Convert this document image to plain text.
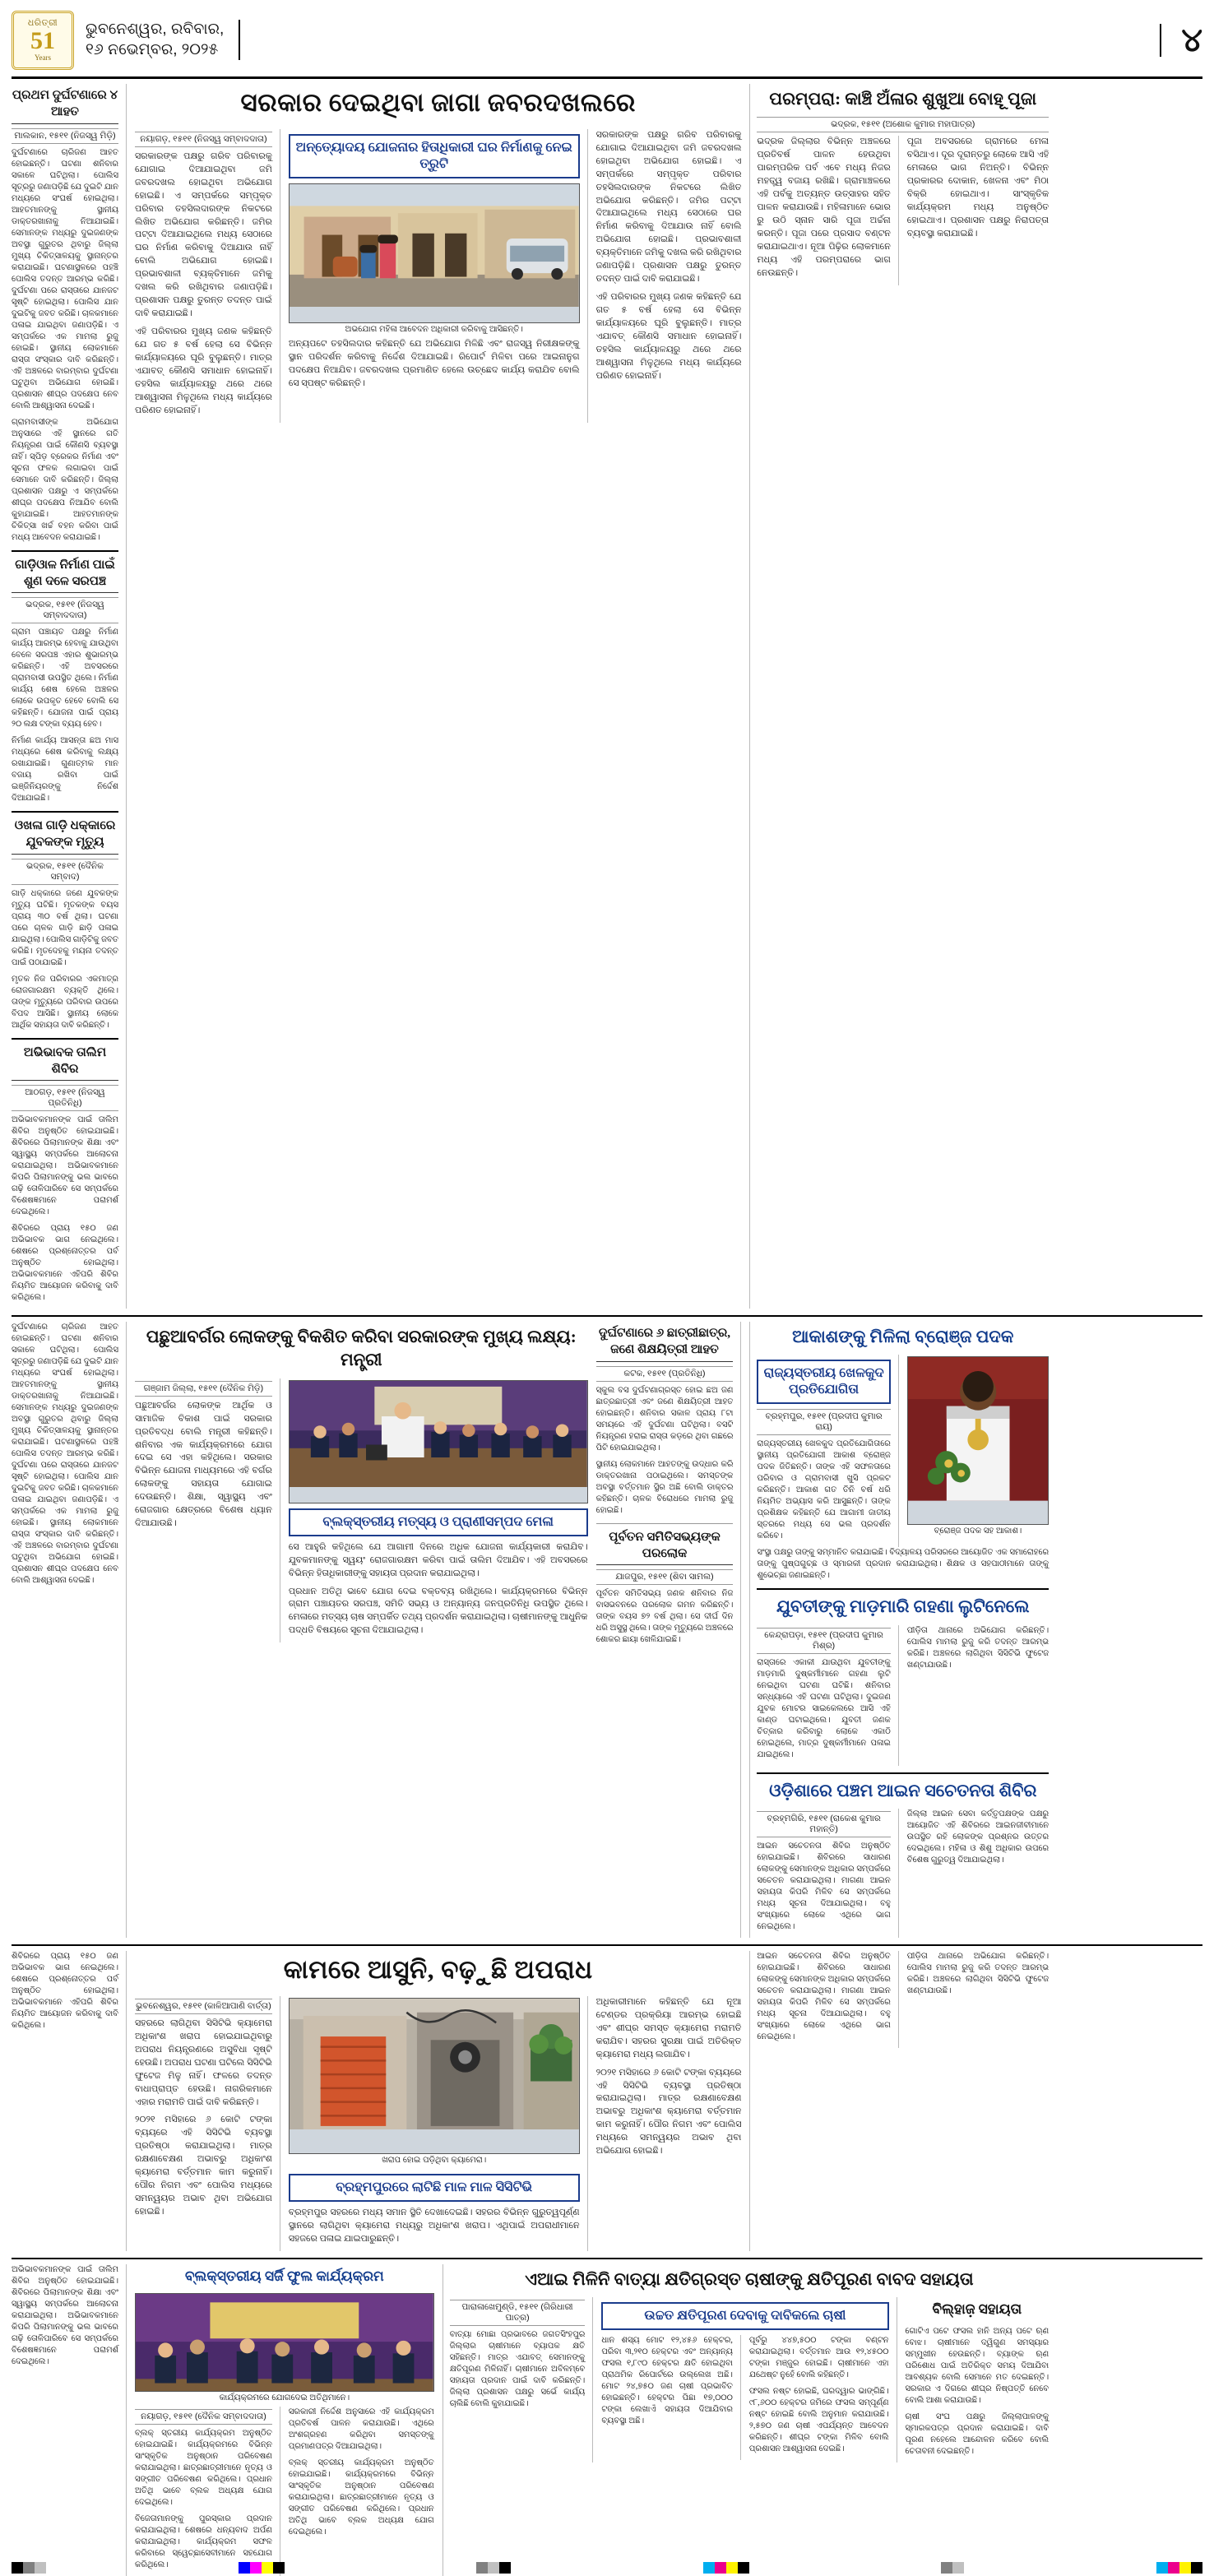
ଧରିତ୍ରୀ
51
Years
ଭୁବନେଶ୍ୱର, ରବିବାର,
୧୬ ନଭେମ୍ବର, ୨୦୨୫	୪
ପ୍ରଥମ ଦୁର୍ଘଟଣାରେ ୪ ଆହତ
ମାଲକାନ, ୧୫୧୧ (ନିଜସ୍ୱ ମିଡ଼ି)

ଦୁର୍ଘଟଣାରେ ଚାରିଜଣ ଆହତ ହୋଇଛନ୍ତି। ଘଟଣା ଶନିବାର ସକାଳେ ଘଟିଥିଲା। ପୋଲିସ ସୂତ୍ରରୁ ଜଣାପଡ଼ିଛି ଯେ ଦୁଇଟି ଯାନ ମଧ୍ୟରେ ସଂଘର୍ଷ ହୋଇଥିଲା। ଆହତମାନଙ୍କୁ ସ୍ଥାନୀୟ ଡାକ୍ତରଖାନାକୁ ନିଆଯାଇଛି। ସେମାନଙ୍କ ମଧ୍ୟରୁ ଦୁଇଜଣଙ୍କ ଅବସ୍ଥା ଗୁରୁତର ଥିବାରୁ ଜିଲ୍ଲା ମୁଖ୍ୟ ଚିକିତ୍ସାଳୟକୁ ସ୍ଥାନାନ୍ତର କରାଯାଇଛି। ଘଟଣାସ୍ଥଳରେ ପହଞ୍ଚି ପୋଲିସ ତଦନ୍ତ ଆରମ୍ଭ କରିଛି। ଦୁର୍ଘଟଣା ପରେ ରାସ୍ତାରେ ଯାନଜଟ ସୃଷ୍ଟି ହୋଇଥିଲା। ପୋଲିସ ଯାନ ଦୁଇଟିକୁ ଜବତ କରିଛି। ଚାଳକମାନେ ପଳାଇ ଯାଇଥିବା ଜଣାପଡ଼ିଛି। ଏ ସମ୍ପର୍କରେ ଏକ ମାମଲା ରୁଜୁ ହୋଇଛି। ସ୍ଥାନୀୟ ଲୋକମାନେ ରାସ୍ତା ସଂସ୍କାର ଦାବି କରିଛନ୍ତି। ଏହି ଅଞ୍ଚଳରେ ବାରମ୍ବାର ଦୁର୍ଘଟଣା ଘଟୁଥିବା ଅଭିଯୋଗ ହୋଇଛି। ପ୍ରଶାସନ ଶୀଘ୍ର ପଦକ୍ଷେପ ନେବ ବୋଲି ଆଶ୍ୱାସନା ଦେଇଛି।

ଗ୍ରାମବାସୀଙ୍କ ଅଭିଯୋଗ ଅନୁସାରେ ଏହି ସ୍ଥାନରେ ଗତି ନିୟନ୍ତ୍ରଣ ପାଇଁ କୌଣସି ବ୍ୟବସ୍ଥା ନାହିଁ। ସ୍ପିଡ଼ ବ୍ରେକର ନିର୍ମାଣ ଏବଂ ସୂଚନା ଫଳକ ଲଗାଇବା ପାଇଁ ସେମାନେ ଦାବି କରିଛନ୍ତି। ଜିଲ୍ଲା ପ୍ରଶାସନ ପକ୍ଷରୁ ଏ ସମ୍ପର୍କରେ ଶୀଘ୍ର ପଦକ୍ଷେପ ନିଆଯିବ ବୋଲି କୁହାଯାଇଛି। ଆହତମାନଙ୍କ ଚିକିତ୍ସା ଖର୍ଚ୍ଚ ବହନ କରିବା ପାଇଁ ମଧ୍ୟ ଆବେଦନ କରାଯାଇଛି।

ଗାଡ଼ିଓାଳ ନିର୍ମାଣ ପାଇଁ ଶୁଣ ଦଳେ ସରପଞ୍ଚ
ଭଦ୍ରକ, ୧୫୧୧ (ନିଜସ୍ୱ ସମ୍ବାଦଦାତା)

ଗ୍ରାମ ପଞ୍ଚାୟତ ପକ୍ଷରୁ ନିର୍ମାଣ କାର୍ଯ୍ୟ ଆରମ୍ଭ ହେବାକୁ ଯାଉଥିବା ବେଳେ ସରପଞ୍ଚ ଏହାର ଶୁଭାରମ୍ଭ କରିଛନ୍ତି। ଏହି ଅବସରରେ ଗ୍ରାମବାସୀ ଉପସ୍ଥିତ ଥିଲେ। ନିର୍ମାଣ କାର୍ଯ୍ୟ ଶେଷ ହେଲେ ଅଞ୍ଚଳର ଲୋକେ ଉପକୃତ ହେବେ ବୋଲି ସେ କହିଛନ୍ତି। ଯୋଜନା ପାଇଁ ପ୍ରାୟ ୨୦ ଲକ୍ଷ ଟଙ୍କା ବ୍ୟୟ ହେବ।

ନିର୍ମାଣ କାର୍ଯ୍ୟ ଆସନ୍ତା ଛଅ ମାସ ମଧ୍ୟରେ ଶେଷ କରିବାକୁ ଲକ୍ଷ୍ୟ ରଖାଯାଇଛି। ଗୁଣାତ୍ମକ ମାନ ବଜାୟ ରଖିବା ପାଇଁ ଇଞ୍ଜିନିୟରଙ୍କୁ ନିର୍ଦ୍ଦେଶ ଦିଆଯାଇଛି।

ଓଖଳା ଗାଡ଼ି ଧକ୍କାରେ ଯୁବକଙ୍କ ମୃତ୍ୟୁ
ଭଦ୍ରକ, ୧୫୧୧ (ଦୈନିକ ସମ୍ବାଦ)

ଗାଡ଼ି ଧକ୍କାରେ ଜଣେ ଯୁବକଙ୍କ ମୃତ୍ୟୁ ଘଟିଛି। ମୃତକଙ୍କ ବୟସ ପ୍ରାୟ ୩୦ ବର୍ଷ ଥିଲା। ଘଟଣା ପରେ ଚାଳକ ଗାଡ଼ି ଛାଡ଼ି ପଳାଇ ଯାଇଥିଲା। ପୋଲିସ ଗାଡ଼ିଟିକୁ ଜବତ କରିଛି। ମୃତଦେହକୁ ମୟନା ତଦନ୍ତ ପାଇଁ ପଠାଯାଇଛି।

ମୃତକ ନିଜ ପରିବାରର ଏକମାତ୍ର ରୋଜଗାରକ୍ଷମ ବ୍ୟକ୍ତି ଥିଲେ। ତାଙ୍କ ମୃତ୍ୟୁରେ ପରିବାର ଉପରେ ବିପଦ ଆସିଛି। ସ୍ଥାନୀୟ ଲୋକେ ଆର୍ଥିକ ସହାୟତା ଦାବି କରିଛନ୍ତି।

ଅଭିଭାବକ ତାଲିମ ଶିବିର
ଆଠଗଡ଼, ୧୫୧୧ (ନିଜସ୍ୱ ପ୍ରତିନିଧି)

ଅଭିଭାବକମାନଙ୍କ ପାଇଁ ତାଲିମ ଶିବିର ଅନୁଷ୍ଠିତ ହୋଇଯାଇଛି। ଶିବିରରେ ପିଲାମାନଙ୍କ ଶିକ୍ଷା ଏବଂ ସ୍ୱାସ୍ଥ୍ୟ ସମ୍ପର୍କରେ ଆଲୋଚନା କରାଯାଇଥିଲା। ଅଭିଭାବକମାନେ କିପରି ପିଲାମାନଙ୍କୁ ଭଲ ଭାବରେ ଗଢ଼ି ତୋଳିପାରିବେ ସେ ସମ୍ପର୍କରେ ବିଶେଷଜ୍ଞମାନେ ପରାମର୍ଶ ଦେଇଥିଲେ।

ଶିବିରରେ ପ୍ରାୟ ୧୫୦ ଜଣ ଅଭିଭାବକ ଭାଗ ନେଇଥିଲେ। ଶେଷରେ ପ୍ରଶ୍ନୋତ୍ତର ପର୍ବ ଅନୁଷ୍ଠିତ ହୋଇଥିଲା। ଅଭିଭାବକମାନେ ଏହିପରି ଶିବିର ନିୟମିତ ଆୟୋଜନ କରିବାକୁ ଦାବି କରିଥିଲେ।

ସରକାର ଦେଇଥିବା ଜାଗା ଜବରଦଖଲରେ
ନୟାଗଡ଼, ୧୫୧୧ (ନିଜସ୍ୱ ସମ୍ବାଦଦାତା)

ସରକାରଙ୍କ ପକ୍ଷରୁ ଗରିବ ପରିବାରକୁ ଯୋଗାଇ ଦିଆଯାଇଥିବା ଜମି ଜବରଦଖଲ ହୋଇଥିବା ଅଭିଯୋଗ ହୋଇଛି। ଏ ସମ୍ପର୍କରେ ସମ୍ପୃକ୍ତ ପରିବାର ତହସିଲଦାରଙ୍କ ନିକଟରେ ଲିଖିତ ଅଭିଯୋଗ କରିଛନ୍ତି। ଜମିର ପଟ୍ଟା ଦିଆଯାଇଥିଲେ ମଧ୍ୟ ସେଠାରେ ଘର ନିର୍ମାଣ କରିବାକୁ ଦିଆଯାଉ ନାହିଁ ବୋଲି ଅଭିଯୋଗ ହୋଇଛି। ପ୍ରଭାବଶାଳୀ ବ୍ୟକ୍ତିମାନେ ଜମିକୁ ଦଖଲ କରି ରଖିଥିବାର ଜଣାପଡ଼ିଛି। ପ୍ରଶାସନ ପକ୍ଷରୁ ତୁରନ୍ତ ତଦନ୍ତ ପାଇଁ ଦାବି କରାଯାଇଛି।

ଏହି ପରିବାରର ମୁଖ୍ୟ ଜଣକ କହିଛନ୍ତି ଯେ ଗତ ୫ ବର୍ଷ ହେଲା ସେ ବିଭିନ୍ନ କାର୍ଯ୍ୟାଳୟରେ ଘୂରି ବୁଲୁଛନ୍ତି। ମାତ୍ର ଏଯାବତ୍ କୌଣସି ସମାଧାନ ହୋଇନାହିଁ। ତହସିଲ କାର୍ଯ୍ୟାଳୟରୁ ଥରେ ଥରେ ଆଶ୍ୱାସନା ମିଳୁଥିଲେ ମଧ୍ୟ କାର୍ଯ୍ୟରେ ପରିଣତ ହୋଇନାହିଁ।

ଅନ୍ତ୍ୟୋଦୟ ଯୋଜନାର ହିତାଧିକାରୀ ଘର ନିର୍ମାଣକୁ ନେଇ ତ୍ରୁଟି
ଅଭଯୋଗ ମହିଳା ଆବେଦନ ଅଧିକାରୀ କରିବାକୁ ଆସିଛନ୍ତି।

ଅନ୍ୟପଟେ ତହସିଲଦାର କହିଛନ୍ତି ଯେ ଅଭିଯୋଗ ମିଳିଛି ଏବଂ ରାଜସ୍ୱ ନିରୀକ୍ଷକଙ୍କୁ ସ୍ଥାନ ପରିଦର୍ଶନ କରିବାକୁ ନିର୍ଦ୍ଦେଶ ଦିଆଯାଇଛି। ରିପୋର୍ଟ ମିଳିବା ପରେ ଆଇନାନୁଗ ପଦକ୍ଷେପ ନିଆଯିବ। ଜବରଦଖଲ ପ୍ରମାଣିତ ହେଲେ ଉଚ୍ଛେଦ କାର୍ଯ୍ୟ କରାଯିବ ବୋଲି ସେ ସ୍ପଷ୍ଟ କରିଛନ୍ତି।

ସରକାରଙ୍କ ପକ୍ଷରୁ ଗରିବ ପରିବାରକୁ ଯୋଗାଇ ଦିଆଯାଇଥିବା ଜମି ଜବରଦଖଲ ହୋଇଥିବା ଅଭିଯୋଗ ହୋଇଛି। ଏ ସମ୍ପର୍କରେ ସମ୍ପୃକ୍ତ ପରିବାର ତହସିଲଦାରଙ୍କ ନିକଟରେ ଲିଖିତ ଅଭିଯୋଗ କରିଛନ୍ତି। ଜମିର ପଟ୍ଟା ଦିଆଯାଇଥିଲେ ମଧ୍ୟ ସେଠାରେ ଘର ନିର୍ମାଣ କରିବାକୁ ଦିଆଯାଉ ନାହିଁ ବୋଲି ଅଭିଯୋଗ ହୋଇଛି। ପ୍ରଭାବଶାଳୀ ବ୍ୟକ୍ତିମାନେ ଜମିକୁ ଦଖଲ କରି ରଖିଥିବାର ଜଣାପଡ଼ିଛି। ପ୍ରଶାସନ ପକ୍ଷରୁ ତୁରନ୍ତ ତଦନ୍ତ ପାଇଁ ଦାବି କରାଯାଇଛି।

ଏହି ପରିବାରର ମୁଖ୍ୟ ଜଣକ କହିଛନ୍ତି ଯେ ଗତ ୫ ବର୍ଷ ହେଲା ସେ ବିଭିନ୍ନ କାର୍ଯ୍ୟାଳୟରେ ଘୂରି ବୁଲୁଛନ୍ତି। ମାତ୍ର ଏଯାବତ୍ କୌଣସି ସମାଧାନ ହୋଇନାହିଁ। ତହସିଲ କାର୍ଯ୍ୟାଳୟରୁ ଥରେ ଥରେ ଆଶ୍ୱାସନା ମିଳୁଥିଲେ ମଧ୍ୟ କାର୍ଯ୍ୟରେ ପରିଣତ ହୋଇନାହିଁ।

ପରମ୍ପରା: କାଞ୍ଚି ଅଁଳାର ଶୁଖୁଆ ବୋହୂ ପୂଜା
ଭଦ୍ରକ, ୧୫୧୧ (ଅଶୋକ କୁମାର ମହାପାତ୍ର)

ଭଦ୍ରକ ଜିଲ୍ଲାର ବିଭିନ୍ନ ଅଞ୍ଚଳରେ ପ୍ରତିବର୍ଷ ପାଳନ ହେଉଥିବା ପାରମ୍ପରିକ ପର୍ବ ଏବେ ମଧ୍ୟ ନିଜର ମହତ୍ତ୍ୱ ବଜାୟ ରଖିଛି। ଗ୍ରାମାଞ୍ଚଳରେ ଏହି ପର୍ବକୁ ଅତ୍ୟନ୍ତ ଉତ୍ସାହର ସହିତ ପାଳନ କରାଯାଉଛି। ମହିଳାମାନେ ଭୋର ରୁ ଉଠି ସ୍ନାନ ସାରି ପୂଜା ଅର୍ଚ୍ଚନା କରନ୍ତି। ପୂଜା ପରେ ପ୍ରସାଦ ବଣ୍ଟନ କରାଯାଇଥାଏ। ନୂଆ ପିଢ଼ିର ଲୋକମାନେ ମଧ୍ୟ ଏହି ପରମ୍ପରାରେ ଭାଗ ନେଉଛନ୍ତି।

ପୂଜା ଅବସରରେ ଗ୍ରାମରେ ମେଳା ବସିଥାଏ। ଦୂର ଦୂରାନ୍ତରୁ ଲୋକେ ଆସି ଏହି ମେଳାରେ ଭାଗ ନିଅନ୍ତି। ବିଭିନ୍ନ ପ୍ରକାରର ଦୋକାନ, ଖେଳନା ଏବଂ ମିଠା ବିକ୍ରି ହୋଇଥାଏ। ସାଂସ୍କୃତିକ କାର୍ଯ୍ୟକ୍ରମ ମଧ୍ୟ ଅନୁଷ୍ଠିତ ହୋଇଥାଏ। ପ୍ରଶାସନ ପକ୍ଷରୁ ନିରାପତ୍ତା ବ୍ୟବସ୍ଥା କରାଯାଇଛି।

ଦୁର୍ଘଟଣାରେ ଚାରିଜଣ ଆହତ ହୋଇଛନ୍ତି। ଘଟଣା ଶନିବାର ସକାଳେ ଘଟିଥିଲା। ପୋଲିସ ସୂତ୍ରରୁ ଜଣାପଡ଼ିଛି ଯେ ଦୁଇଟି ଯାନ ମଧ୍ୟରେ ସଂଘର୍ଷ ହୋଇଥିଲା। ଆହତମାନଙ୍କୁ ସ୍ଥାନୀୟ ଡାକ୍ତରଖାନାକୁ ନିଆଯାଇଛି। ସେମାନଙ୍କ ମଧ୍ୟରୁ ଦୁଇଜଣଙ୍କ ଅବସ୍ଥା ଗୁରୁତର ଥିବାରୁ ଜିଲ୍ଲା ମୁଖ୍ୟ ଚିକିତ୍ସାଳୟକୁ ସ୍ଥାନାନ୍ତର କରାଯାଇଛି। ଘଟଣାସ୍ଥଳରେ ପହଞ୍ଚି ପୋଲିସ ତଦନ୍ତ ଆରମ୍ଭ କରିଛି। ଦୁର୍ଘଟଣା ପରେ ରାସ୍ତାରେ ଯାନଜଟ ସୃଷ୍ଟି ହୋଇଥିଲା। ପୋଲିସ ଯାନ ଦୁଇଟିକୁ ଜବତ କରିଛି। ଚାଳକମାନେ ପଳାଇ ଯାଇଥିବା ଜଣାପଡ଼ିଛି। ଏ ସମ୍ପର୍କରେ ଏକ ମାମଲା ରୁଜୁ ହୋଇଛି। ସ୍ଥାନୀୟ ଲୋକମାନେ ରାସ୍ତା ସଂସ୍କାର ଦାବି କରିଛନ୍ତି। ଏହି ଅଞ୍ଚଳରେ ବାରମ୍ବାର ଦୁର୍ଘଟଣା ଘଟୁଥିବା ଅଭିଯୋଗ ହୋଇଛି। ପ୍ରଶାସନ ଶୀଘ୍ର ପଦକ୍ଷେପ ନେବ ବୋଲି ଆଶ୍ୱାସନା ଦେଇଛି।

ପଛୁଆବର୍ଗର ଲୋକଙ୍କୁ ବିକଶିତ କରିବା ସରକାରଙ୍କ ମୁଖ୍ୟ ଲକ୍ଷ୍ୟ: ମନ୍ତ୍ରୀ
ଗଞ୍ଜାମ ଜିଲ୍ଲା, ୧୫୧୧ (ଦୈନିକ ମିଡ଼ି)

ପଛୁଆବର୍ଗର ଲୋକଙ୍କ ଆର୍ଥିକ ଓ ସାମାଜିକ ବିକାଶ ପାଇଁ ସରକାର ପ୍ରତିବଦ୍ଧ ବୋଲି ମନ୍ତ୍ରୀ କହିଛନ୍ତି। ଶନିବାର ଏକ କାର୍ଯ୍ୟକ୍ରମରେ ଯୋଗ ଦେଇ ସେ ଏହା କହିଥିଲେ। ସରକାର ବିଭିନ୍ନ ଯୋଜନା ମାଧ୍ୟମରେ ଏହି ବର୍ଗର ଲୋକଙ୍କୁ ସହାୟତା ଯୋଗାଇ ଦେଉଛନ୍ତି। ଶିକ୍ଷା, ସ୍ୱାସ୍ଥ୍ୟ ଏବଂ ରୋଜଗାର କ୍ଷେତ୍ରରେ ବିଶେଷ ଧ୍ୟାନ ଦିଆଯାଉଛି।	ବ୍ଲକ୍‌ସ୍ତରୀୟ ମତ୍ସ୍ୟ ଓ ପ୍ରାଣୀସମ୍ପଦ ମେଳା

ସେ ଆହୁରି କହିଥିଲେ ଯେ ଆଗାମୀ ଦିନରେ ଅଧିକ ଯୋଜନା କାର୍ଯ୍ୟକାରୀ କରାଯିବ। ଯୁବକମାନଙ୍କୁ ସ୍ୱୟଂ ରୋଜଗାରକ୍ଷମ କରିବା ପାଇଁ ତାଲିମ ଦିଆଯିବ। ଏହି ଅବସରରେ ବିଭିନ୍ନ ହିତାଧିକାରୀଙ୍କୁ ସହାୟତା ପ୍ରଦାନ କରାଯାଇଥିଲା।

ପ୍ରଧାନ ଅତିଥି ଭାବେ ଯୋଗ ଦେଇ ବକ୍ତବ୍ୟ ରଖିଥିଲେ। କାର୍ଯ୍ୟକ୍ରମରେ ବିଭିନ୍ନ ଗ୍ରାମ ପଞ୍ଚାୟତର ସରପଞ୍ଚ, ସମିତି ସଭ୍ୟ ଓ ଅନ୍ୟାନ୍ୟ ଜନପ୍ରତିନିଧି ଉପସ୍ଥିତ ଥିଲେ। ମେଳାରେ ମତ୍ସ୍ୟ ଚାଷ ସମ୍ପର୍କିତ ତଥ୍ୟ ପ୍ରଦର୍ଶନ କରାଯାଇଥିଲା। ଚାଷୀମାନଙ୍କୁ ଆଧୁନିକ ପଦ୍ଧତି ବିଷୟରେ ସୂଚନା ଦିଆଯାଇଥିଲା।

ଦୁର୍ଘଟଣାରେ ୬ ଛାତ୍ରୀଛାତ୍ର, ଜଣେ ଶିକ୍ଷୟିତ୍ରୀ ଆହତ
କଟକ, ୧୫୧୧ (ପ୍ରତିନିଧି)

ସ୍କୁଲ ବସ ଦୁର୍ଘଟଣାଗ୍ରସ୍ତ ହୋଇ ଛଅ ଜଣ ଛାତ୍ରଛାତ୍ରୀ ଏବଂ ଜଣେ ଶିକ୍ଷୟିତ୍ରୀ ଆହତ ହୋଇଛନ୍ତି। ଶନିବାର ସକାଳ ପ୍ରାୟ ୮ଟା ସମୟରେ ଏହି ଦୁର୍ଘଟଣା ଘଟିଥିଲା। ବସଟି ନିୟନ୍ତ୍ରଣ ହରାଇ ରାସ୍ତା କଡ଼ରେ ଥିବା ଗଛରେ ପିଟି ହୋଇଯାଇଥିଲା।

ସ୍ଥାନୀୟ ଲୋକମାନେ ଆହତଙ୍କୁ ଉଦ୍ଧାର କରି ଡାକ୍ତରଖାନା ପଠାଇଥିଲେ। ସମସ୍ତଙ୍କ ଅବସ୍ଥା ବର୍ତ୍ତମାନ ସ୍ଥିର ଅଛି ବୋଲି ଡାକ୍ତର କହିଛନ୍ତି। ଚାଳକ ବିରୋଧରେ ମାମଲା ରୁଜୁ ହୋଇଛି।

ପୂର୍ବତନ ସମିତିସଭ୍ୟଙ୍କ ପରଲୋକ
ଯାଜପୁର, ୧୫୧୧ (ଶିବା ସାମଲ)

ପୂର୍ବତନ ସମିତିସଭ୍ୟ ଜଣକ ଶନିବାର ନିଜ ବାସଭବନରେ ପରଲୋକ ଗମନ କରିଛନ୍ତି। ତାଙ୍କ ବୟସ ୭୨ ବର୍ଷ ଥିଲା। ସେ ଦୀର୍ଘ ଦିନ ଧରି ଅସୁସ୍ଥ ଥିଲେ। ତାଙ୍କ ମୃତ୍ୟୁରେ ଅଞ୍ଚଳରେ ଶୋକର ଛାୟା ଖେଳିଯାଇଛି।

ଆକାଶଙ୍କୁ ମିଳିଲା ବ୍ରୋଞ୍ଜ ପଦକ
ରାଜ୍ୟସ୍ତରୀୟ ଖେଳକୁଦ ପ୍ରତିଯୋଗିତା
ବ୍ରହ୍ମପୁର, ୧୫୧୧ (ପ୍ରଦୀପ କୁମାର ରାୟ)

ରାଜ୍ୟସ୍ତରୀୟ ଖେଳକୁଦ ପ୍ରତିଯୋଗିତାରେ ସ୍ଥାନୀୟ ପ୍ରତିଯୋଗୀ ଆକାଶ ବ୍ରୋଞ୍ଜ ପଦକ ଜିତିଛନ୍ତି। ତାଙ୍କ ଏହି ସଫଳତାରେ ପରିବାର ଓ ଗ୍ରାମବାସୀ ଖୁସି ପ୍ରକଟ କରିଛନ୍ତି। ଆକାଶ ଗତ ତିନି ବର୍ଷ ଧରି ନିୟମିତ ଅଭ୍ୟାସ କରି ଆସୁଛନ୍ତି। ତାଙ୍କ ପ୍ରଶିକ୍ଷକ କହିଛନ୍ତି ଯେ ଆଗାମୀ ଜାତୀୟ ସ୍ତରରେ ମଧ୍ୟ ସେ ଭଲ ପ୍ରଦର୍ଶନ କରିବେ।

ବ୍ରୋଞ୍ଜ ପଦକ ସହ ଆକାଶ।

ସଂସ୍ଥା ପକ୍ଷରୁ ତାଙ୍କୁ ସମ୍ମାନିତ କରାଯାଇଛି। ବିଦ୍ୟାଳୟ ପରିସରରେ ଆୟୋଜିତ ଏକ ସମାରୋହରେ ତାଙ୍କୁ ପୁଷ୍ପଗୁଚ୍ଛ ଓ ସ୍ମାରକୀ ପ୍ରଦାନ କରାଯାଇଥିଲା। ଶିକ୍ଷକ ଓ ସହପାଠୀମାନେ ତାଙ୍କୁ ଶୁଭେଚ୍ଛା ଜଣାଇଛନ୍ତି।

ଯୁବତୀଙ୍କୁ ମାଡ଼ମାରି ଗହଣା ଲୁଟିନେଲେ
କେନ୍ଦ୍ରାପଡ଼ା, ୧୫୧୧ (ପ୍ରଦୀପ କୁମାର ମିଶ୍ର)

ରାସ୍ତାରେ ଏକାକୀ ଯାଉଥିବା ଯୁବତୀଙ୍କୁ ମାଡ଼ମାରି ଦୁଷ୍କର୍ମୀମାନେ ଗହଣା ଲୁଟି ନେଇଥିବା ଘଟଣା ଘଟିଛି। ଶନିବାର ସନ୍ଧ୍ୟାରେ ଏହି ଘଟଣା ଘଟିଥିଲା। ଦୁଇଜଣ ଯୁବକ ମୋଟର ସାଇକେଲରେ ଆସି ଏହି କାଣ୍ଡ ଘଟାଇଥିଲେ। ଯୁବତୀ ଜଣକ ଚିତ୍କାର କରିବାରୁ ଲୋକେ ଏକାଠି ହୋଇଥିଲେ, ମାତ୍ର ଦୁଷ୍କର୍ମୀମାନେ ପଳାଇ ଯାଇଥିଲେ।

ପୀଡ଼ିତା ଥାନାରେ ଅଭିଯୋଗ କରିଛନ୍ତି। ପୋଲିସ ମାମଲା ରୁଜୁ କରି ତଦନ୍ତ ଆରମ୍ଭ କରିଛି। ଅଞ୍ଚଳରେ ଲାଗିଥିବା ସିସିଟିଭି ଫୁଟେଜ ଖଣ୍ଟାଯାଉଛି।

ଓଡ଼ିଶାରେ ପଞ୍ଚମ ଆଇନ ସଚେତନତା ଶିବିର
ବ୍ରହ୍ମଗିରି, ୧୫୧୧ (ରାକେଶ କୁମାର ମହାନ୍ତି)

ଆଇନ ସଚେତନତା ଶିବିର ଅନୁଷ୍ଠିତ ହୋଇଯାଇଛି। ଶିବିରରେ ସାଧାରଣ ଲୋକଙ୍କୁ ସେମାନଙ୍କ ଅଧିକାର ସମ୍ପର୍କରେ ସଚେତନ କରାଯାଇଥିଲା। ମାଗଣା ଆଇନ ସହାୟତା କିପରି ମିଳିବ ସେ ସମ୍ପର୍କରେ ମଧ୍ୟ ସୂଚନା ଦିଆଯାଇଥିଲା। ବହୁ ସଂଖ୍ୟାରେ ଲୋକେ ଏଥିରେ ଭାଗ ନେଇଥିଲେ।

ଜିଲ୍ଲା ଆଇନ ସେବା କର୍ତ୍ତୃପକ୍ଷଙ୍କ ପକ୍ଷରୁ ଆୟୋଜିତ ଏହି ଶିବିରରେ ଆଇନଜୀବୀମାନେ ଉପସ୍ଥିତ ରହି ଲୋକଙ୍କ ପ୍ରଶ୍ନର ଉତ୍ତର ଦେଇଥିଲେ। ମହିଳା ଓ ଶିଶୁ ଅଧିକାର ଉପରେ ବିଶେଷ ଗୁରୁତ୍ୱ ଦିଆଯାଇଥିଲା।

ଶିବିରରେ ପ୍ରାୟ ୧୫୦ ଜଣ ଅଭିଭାବକ ଭାଗ ନେଇଥିଲେ। ଶେଷରେ ପ୍ରଶ୍ନୋତ୍ତର ପର୍ବ ଅନୁଷ୍ଠିତ ହୋଇଥିଲା। ଅଭିଭାବକମାନେ ଏହିପରି ଶିବିର ନିୟମିତ ଆୟୋଜନ କରିବାକୁ ଦାବି କରିଥିଲେ।

କାମରେ ଆସୁନି, ବଢ଼ୁଛି ଅପରାଧ
ଭୁବନେଶ୍ୱର, ୧୫୧୧ (କାଳିଆପାଣି ବାର୍ତ୍ତା)

ସହରରେ ଲାଗିଥିବା ସିସିଟିଭି କ୍ୟାମେରା ଅଧିକାଂଶ ଖରାପ ହୋଇଯାଇଥିବାରୁ ଅପରାଧ ନିୟନ୍ତ୍ରଣରେ ଅସୁବିଧା ସୃଷ୍ଟି ହେଉଛି। ଅପରାଧ ଘଟଣା ଘଟିଲେ ସିସିଟିଭି ଫୁଟେଜ ମିଳୁ ନାହିଁ। ଫଳରେ ତଦନ୍ତ ବାଧାପ୍ରାପ୍ତ ହେଉଛି। ନାଗରିକମାନେ ଏହାର ମରାମତି ପାଇଁ ଦାବି କରିଛନ୍ତି।

୨୦୨୧ ମସିହାରେ ୬ କୋଟି ଟଙ୍କା ବ୍ୟୟରେ ଏହି ସିସିଟିଭି ବ୍ୟବସ୍ଥା ପ୍ରତିଷ୍ଠା କରାଯାଇଥିଲା। ମାତ୍ର ରକ୍ଷଣାବେକ୍ଷଣ ଅଭାବରୁ ଅଧିକାଂଶ କ୍ୟାମେରା ବର୍ତ୍ତମାନ କାମ କରୁନାହିଁ। ପୌର ନିଗମ ଏବଂ ପୋଲିସ ମଧ୍ୟରେ ସମନ୍ୱୟର ଅଭାବ ଥିବା ଅଭିଯୋଗ ହୋଇଛି।

ଖରାପ ହୋଇ ପଡ଼ିଥିବା କ୍ୟାମେରା।
ବ୍ରହ୍ମପୁରରେ ଲାଟିଛି ମାଳ ମାଳ ସିସିଟିଭି

ବ୍ରହ୍ମପୁର ସହରରେ ମଧ୍ୟ ସମାନ ସ୍ଥିତି ଦେଖାଦେଇଛି। ସହରର ବିଭିନ୍ନ ଗୁରୁତ୍ୱପୂର୍ଣ୍ଣ ସ୍ଥାନରେ ଲାଗିଥିବା କ୍ୟାମେରା ମଧ୍ୟରୁ ଅଧିକାଂଶ ଖରାପ। ଏଥିପାଇଁ ଅପରାଧୀମାନେ ସହଜରେ ପଳାଇ ଯାଇପାରୁଛନ୍ତି।

ଅଧିକାରୀମାନେ କହିଛନ୍ତି ଯେ ନୂଆ ଟେଣ୍ଡର ପ୍ରକ୍ରିୟା ଆରମ୍ଭ ହୋଇଛି ଏବଂ ଶୀଘ୍ର ସମସ୍ତ କ୍ୟାମେରା ମରାମତି କରାଯିବ। ସହରର ସୁରକ୍ଷା ପାଇଁ ଅତିରିକ୍ତ କ୍ୟାମେରା ମଧ୍ୟ ଲଗାଯିବ।

୨୦୨୧ ମସିହାରେ ୬ କୋଟି ଟଙ୍କା ବ୍ୟୟରେ ଏହି ସିସିଟିଭି ବ୍ୟବସ୍ଥା ପ୍ରତିଷ୍ଠା କରାଯାଇଥିଲା। ମାତ୍ର ରକ୍ଷଣାବେକ୍ଷଣ ଅଭାବରୁ ଅଧିକାଂଶ କ୍ୟାମେରା ବର୍ତ୍ତମାନ କାମ କରୁନାହିଁ। ପୌର ନିଗମ ଏବଂ ପୋଲିସ ମଧ୍ୟରେ ସମନ୍ୱୟର ଅଭାବ ଥିବା ଅଭିଯୋଗ ହୋଇଛି।

ଆଇନ ସଚେତନତା ଶିବିର ଅନୁଷ୍ଠିତ ହୋଇଯାଇଛି। ଶିବିରରେ ସାଧାରଣ ଲୋକଙ୍କୁ ସେମାନଙ୍କ ଅଧିକାର ସମ୍ପର୍କରେ ସଚେତନ କରାଯାଇଥିଲା। ମାଗଣା ଆଇନ ସହାୟତା କିପରି ମିଳିବ ସେ ସମ୍ପର୍କରେ ମଧ୍ୟ ସୂଚନା ଦିଆଯାଇଥିଲା। ବହୁ ସଂଖ୍ୟାରେ ଲୋକେ ଏଥିରେ ଭାଗ ନେଇଥିଲେ।

ପୀଡ଼ିତା ଥାନାରେ ଅଭିଯୋଗ କରିଛନ୍ତି। ପୋଲିସ ମାମଲା ରୁଜୁ କରି ତଦନ୍ତ ଆରମ୍ଭ କରିଛି। ଅଞ୍ଚଳରେ ଲାଗିଥିବା ସିସିଟିଭି ଫୁଟେଜ ଖଣ୍ଟାଯାଉଛି।

ଅଭିଭାବକମାନଙ୍କ ପାଇଁ ତାଲିମ ଶିବିର ଅନୁଷ୍ଠିତ ହୋଇଯାଇଛି। ଶିବିରରେ ପିଲାମାନଙ୍କ ଶିକ୍ଷା ଏବଂ ସ୍ୱାସ୍ଥ୍ୟ ସମ୍ପର୍କରେ ଆଲୋଚନା କରାଯାଇଥିଲା। ଅଭିଭାବକମାନେ କିପରି ପିଲାମାନଙ୍କୁ ଭଲ ଭାବରେ ଗଢ଼ି ତୋଳିପାରିବେ ସେ ସମ୍ପର୍କରେ ବିଶେଷଜ୍ଞମାନେ ପରାମର୍ଶ ଦେଇଥିଲେ।

ବ୍ଲକ୍‌ସ୍ତରୀୟ ସର୍ଜି ଫୁଲ କାର୍ଯ୍ୟକ୍ରମ
କାର୍ଯ୍ୟକ୍ରମରେ ଯୋଗଦେଇ ଅତିଥିମାନେ।
ନୟାଗଡ଼, ୧୫୧୧ (ଦୈନିକ ସମ୍ବାଦଦାତା)

ବ୍ଲକ୍ ସ୍ତରୀୟ କାର୍ଯ୍ୟକ୍ରମ ଅନୁଷ୍ଠିତ ହୋଇଯାଇଛି। କାର୍ଯ୍ୟକ୍ରମରେ ବିଭିନ୍ନ ସାଂସ୍କୃତିକ ଅନୁଷ୍ଠାନ ପରିବେଷଣ କରାଯାଇଥିଲା। ଛାତ୍ରଛାତ୍ରୀମାନେ ନୃତ୍ୟ ଓ ସଙ୍ଗୀତ ପରିବେଷଣ କରିଥିଲେ। ପ୍ରଧାନ ଅତିଥି ଭାବେ ବ୍ଲକ ଅଧ୍ୟକ୍ଷ ଯୋଗ ଦେଇଥିଲେ।

ବିଜେତାମାନଙ୍କୁ ପୁରସ୍କାର ପ୍ରଦାନ କରାଯାଇଥିଲା। ଶେଷରେ ଧନ୍ୟବାଦ ଅର୍ପଣ କରାଯାଇଥିଲା। କାର୍ଯ୍ୟକ୍ରମ ସଫଳ କରିବାରେ ସ୍ୱେଚ୍ଛାସେବୀମାନେ ସହଯୋଗ କରିଥିଲେ।

ସରକାରୀ ନିର୍ଦ୍ଦେଶ ଅନୁସାରେ ଏହି କାର୍ଯ୍ୟକ୍ରମ ପ୍ରତିବର୍ଷ ପାଳନ କରାଯାଉଛି। ଏଥିରେ ଅଂଶଗ୍ରହଣ କରିଥିବା ସମସ୍ତଙ୍କୁ ପ୍ରମାଣପତ୍ର ଦିଆଯାଇଥିଲା।

ବ୍ଲକ୍ ସ୍ତରୀୟ କାର୍ଯ୍ୟକ୍ରମ ଅନୁଷ୍ଠିତ ହୋଇଯାଇଛି। କାର୍ଯ୍ୟକ୍ରମରେ ବିଭିନ୍ନ ସାଂସ୍କୃତିକ ଅନୁଷ୍ଠାନ ପରିବେଷଣ କରାଯାଇଥିଲା। ଛାତ୍ରଛାତ୍ରୀମାନେ ନୃତ୍ୟ ଓ ସଙ୍ଗୀତ ପରିବେଷଣ କରିଥିଲେ। ପ୍ରଧାନ ଅତିଥି ଭାବେ ବ୍ଲକ ଅଧ୍ୟକ୍ଷ ଯୋଗ ଦେଇଥିଲେ।

ଏଆଇ ମିଳିନି ବାତ୍ୟା କ୍ଷତିଗ୍ରସ୍ତ ଚାଷୀଙ୍କୁ କ୍ଷତିପୂରଣ ବାବଦ ସହାୟତା
ପାରାଳାଖେମୁଣ୍ଡି, ୧୫୧୧ (ଗିରିଧାରୀ ପାତ୍ର)

ବାତ୍ୟା ମୋଛା ପ୍ରଭାବରେ ଜଗତସିଂହପୁର ଜିଲ୍ଲାର ଚାଷୀମାନେ ବ୍ୟାପକ କ୍ଷତି ସହିଛନ୍ତି। ମାତ୍ର ଏଯାବତ୍ ସେମାନଙ୍କୁ କ୍ଷତିପୂରଣ ମିଳିନାହିଁ। ଚାଷୀମାନେ ଅବିଳମ୍ବେ ସହାୟତା ପ୍ରଦାନ ପାଇଁ ଦାବି କରିଛନ୍ତି। ଜିଲ୍ଲା ପ୍ରଶାସନ ପକ୍ଷରୁ ସର୍ଭେ କାର୍ଯ୍ୟ ଚାଲିଛି ବୋଲି କୁହାଯାଇଛି।

ଉଚ୍ଚତ କ୍ଷତିପୂରଣ ଦେବାକୁ ଦାବିକଲେ ଚାଷୀ

ଧାନ ଶସ୍ୟ ମୋଟ ୧୨,୪୫୬ ହେକ୍ଟର, ପରିବା ୩,୨୧୦ ହେକ୍ଟର ଏବଂ ଅନ୍ୟାନ୍ୟ ଫସଲ ୧,୮୯୦ ହେକ୍ଟର କ୍ଷତି ହୋଇଥିବା ପ୍ରାଥମିକ ରିପୋର୍ଟରେ ଉଲ୍ଲେଖ ଅଛି। ମୋଟ ୨୪,୭୫୦ ଜଣ ଚାଷୀ ପ୍ରଭାବିତ ହୋଇଛନ୍ତି। ହେକ୍ଟର ପିଛା ୧୭,୦୦୦ ଟଙ୍କା ଲେଖାଏଁ ସହାୟତା ଦିଆଯିବାର ବ୍ୟବସ୍ଥା ଅଛି।

ପୂର୍ବରୁ ୪୪୭,୫୦୦ ଟଙ୍କା ବଣ୍ଟନ କରାଯାଇଥିଲା। ବର୍ତ୍ତମାନ ଆଉ ୧୨,୪୫୦୦ ଟଙ୍କା ମଞ୍ଜୁର ହୋଇଛି। ଚାଷୀମାନେ ଏହା ଯଥେଷ୍ଟ ନୁହେଁ ବୋଲି କହିଛନ୍ତି।

ଫସଲ ନଷ୍ଟ ହୋଇଛି, ଘରଦ୍ୱାର ଭାଙ୍ଗିଛି। ୯୮,୬୦୦ ହେକ୍ଟର ଜମିରେ ଫସଲ ସମ୍ପୂର୍ଣ୍ଣ ନଷ୍ଟ ହୋଇଛି ବୋଲି ଅନୁମାନ କରାଯାଉଛି। ୨,୫୭୦ ଜଣ ଚାଷୀ ଏପର୍ଯ୍ୟନ୍ତ ଆବେଦନ କରିଛନ୍ତି। ଶୀଘ୍ର ଟଙ୍କା ମିଳିବ ବୋଲି ପ୍ରଶାସନ ଆଶ୍ୱାସନା ଦେଇଛି।

ବିଲ୍‌ହାଜ଼ ସହାୟତା

ଗୋଟିଏ ପଟେ ଫସଲ ହାନି ଅନ୍ୟ ପଟେ ଋଣ ବୋଝ। ଚାଷୀମାନେ ଦ୍ୱିଗୁଣ ସମସ୍ୟାର ସମ୍ମୁଖୀନ ହେଉଛନ୍ତି। ବ୍ୟାଙ୍କ ଋଣ ପରିଶୋଧ ପାଇଁ ଅତିରିକ୍ତ ସମୟ ଦିଆଯିବା ଆବଶ୍ୟକ ବୋଲି ସେମାନେ ମତ ଦେଇଛନ୍ତି। ସରକାର ଏ ଦିଗରେ ଶୀଘ୍ର ନିଷ୍ପତ୍ତି ନେବେ ବୋଲି ଆଶା କରାଯାଉଛି।

ଚାଷୀ ସଂଘ ପକ୍ଷରୁ ଜିଲ୍ଲାପାଳଙ୍କୁ ସ୍ମାରକପତ୍ର ପ୍ରଦାନ କରାଯାଇଛି। ଦାବି ପୂରଣ ନହେଲେ ଆନ୍ଦୋଳନ କରିବେ ବୋଲି ଚେତାବନୀ ଦେଇଛନ୍ତି।
